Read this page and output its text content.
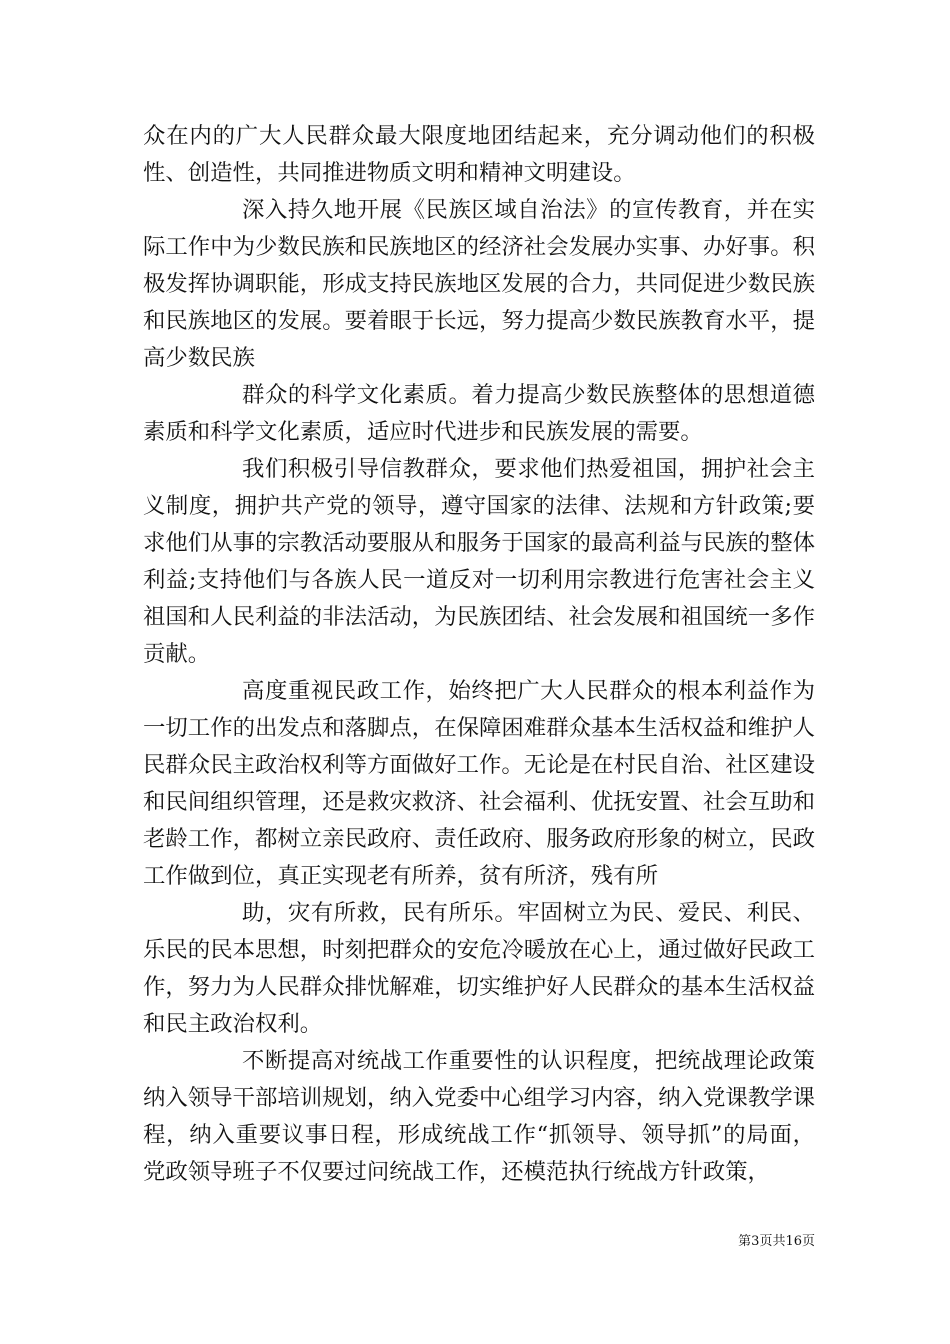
众在内的广大人民群众最大限度地团结起来，充分调动他们的积极性、创造性，共同推进物质文明和精神文明建设。

深入持久地开展《民族区域自治法》的宣传教育，并在实际工作中为少数民族和民族地区的经济社会发展办实事、办好事。积极发挥协调职能，形成支持民族地区发展的合力，共同促进少数民族和民族地区的发展。要着眼于长远，努力提高少数民族教育水平，提高少数民族

群众的科学文化素质。着力提高少数民族整体的思想道德素质和科学文化素质，适应时代进步和民族发展的需要。

我们积极引导信教群众，要求他们热爱祖国，拥护社会主义制度，拥护共产党的领导，遵守国家的法律、法规和方针政策;要求他们从事的宗教活动要服从和服务于国家的最高利益与民族的整体利益;支持他们与各族人民一道反对一切利用宗教进行危害社会主义祖国和人民利益的非法活动，为民族团结、社会发展和祖国统一多作贡献。

高度重视民政工作，始终把广大人民群众的根本利益作为一切工作的出发点和落脚点，在保障困难群众基本生活权益和维护人民群众民主政治权利等方面做好工作。无论是在村民自治、社区建设和民间组织管理，还是救灾救济、社会福利、优抚安置、社会互助和老龄工作，都树立亲民政府、责任政府、服务政府形象的树立，民政工作做到位，真正实现老有所养，贫有所济，残有所

助，灾有所救，民有所乐。牢固树立为民、爱民、利民、乐民的民本思想，时刻把群众的安危冷暖放在心上，通过做好民政工作，努力为人民群众排忧解难，切实维护好人民群众的基本生活权益和民主政治权利。

不断提高对统战工作重要性的认识程度，把统战理论政策纳入领导干部培训规划，纳入党委中心组学习内容，纳入党课教学课程，纳入重要议事日程，形成统战工作“抓领导、领导抓”的局面，党政领导班子不仅要过问统战工作，还模范执行统战方针政策，

第3页共16页
